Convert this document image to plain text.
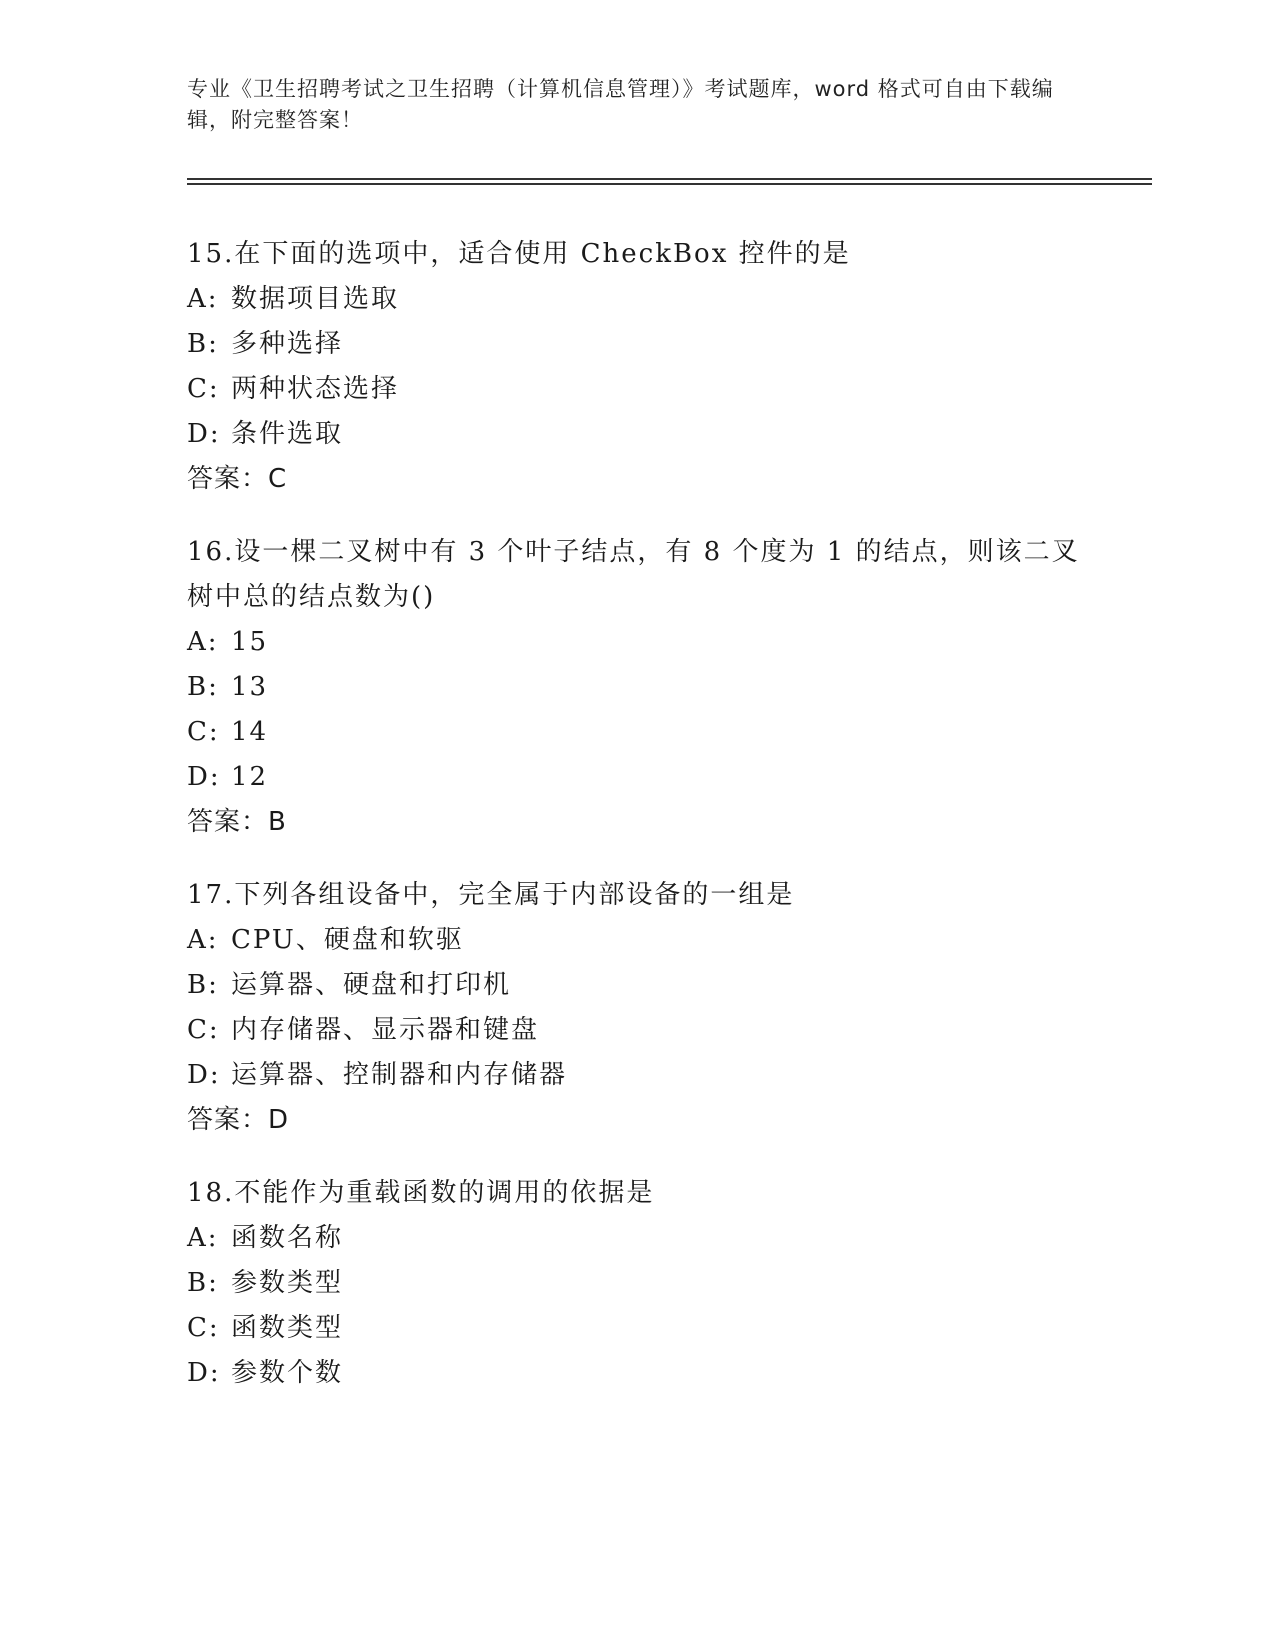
专业《卫生招聘考试之卫生招聘（计算机信息管理）》考试题库，word 格式可自由下载编辑，附完整答案！

15.在下面的选项中，适合使用 CheckBox 控件的是

A: 数据项目选取
B: 多种选择
C: 两种状态选择
D: 条件选取

答案：C

16.设一棵二叉树中有 3 个叶子结点，有 8 个度为 1 的结点，则该二叉树中总的结点数为()

A: 15
B: 13
C: 14
D: 12

答案：B

17.下列各组设备中，完全属于内部设备的一组是

A: CPU、硬盘和软驱
B: 运算器、硬盘和打印机
C: 内存储器、显示器和键盘
D: 运算器、控制器和内存储器

答案：D

18.不能作为重载函数的调用的依据是

A: 函数名称
B: 参数类型
C: 函数类型
D: 参数个数
